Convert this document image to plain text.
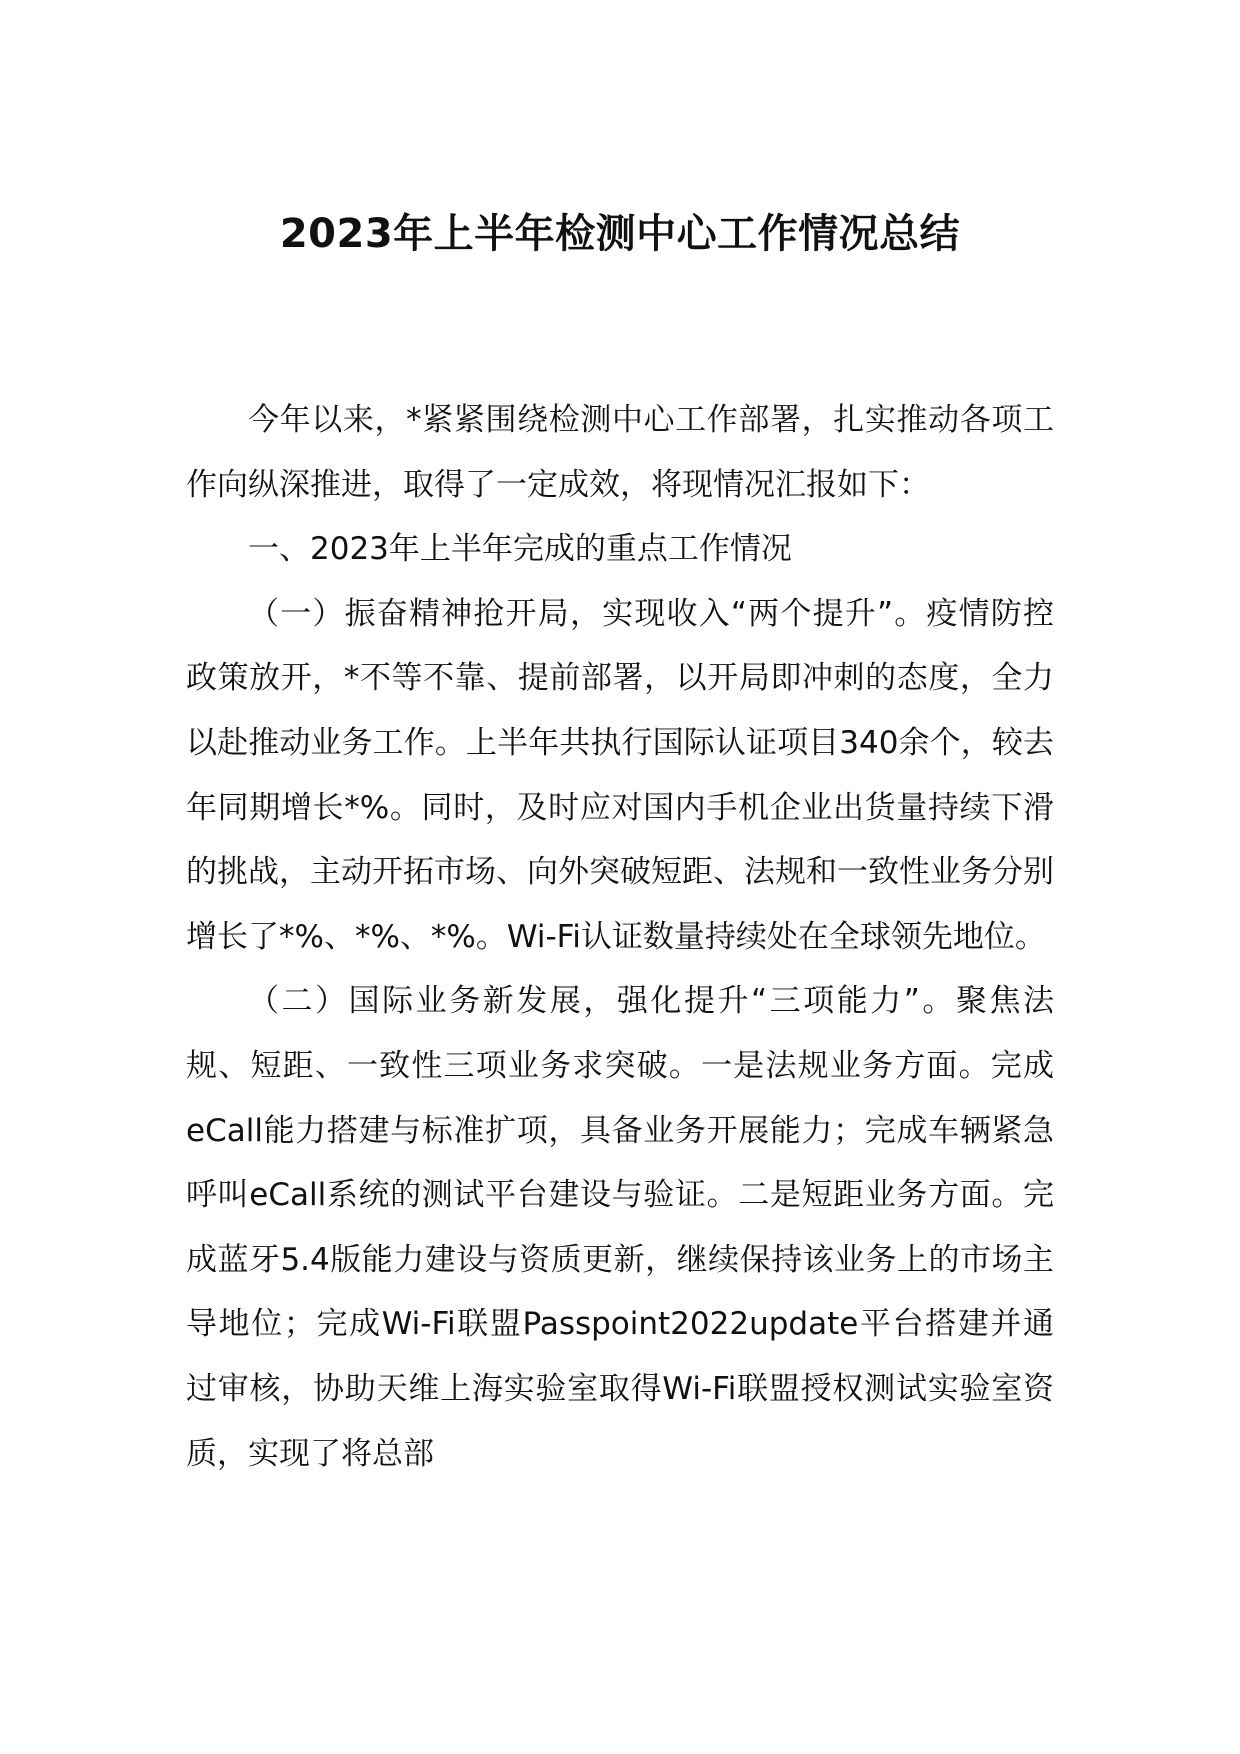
2023年上半年检测中心工作情况总结

今年以来，*紧紧围绕检测中心工作部署，扎实推动各项工作向纵深推进，取得了一定成效，将现情况汇报如下：

一、2023年上半年完成的重点工作情况

（一）振奋精神抢开局，实现收入“两个提升”。疫情防控政策放开，*不等不靠、提前部署，以开局即冲刺的态度，全力以赴推动业务工作。上半年共执行国际认证项目340余个，较去年同期增长*%。同时，及时应对国内手机企业出货量持续下滑的挑战，主动开拓市场、向外突破短距、法规和一致性业务分别增长了*%、*%、*%。Wi-Fi认证数量持续处在全球领先地位。

（二）国际业务新发展，强化提升“三项能力”。聚焦法规、短距、一致性三项业务求突破。一是法规业务方面。完成eCall能力搭建与标准扩项，具备业务开展能力；完成车辆紧急呼叫eCall系统的测试平台建设与验证。二是短距业务方面。完成蓝牙5.4版能力建设与资质更新，继续保持该业务上的市场主导地位；完成Wi-Fi联盟Passpoint2022update平台搭建并通过审核，协助天维上海实验室取得Wi-Fi联盟授权测试实验室资质，实现了将总部
